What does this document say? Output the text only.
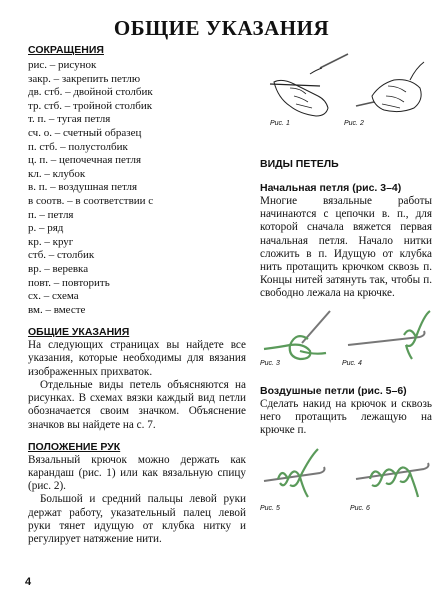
ОБЩИЕ УКАЗАНИЯ

СОКРАЩЕНИЯ

рис. – рисунок
закр. – закрепить петлю
дв. стб. – двойной столбик
тр. стб. – тройной столбик
т. п. – тугая петля
сч. о. – счетный образец
п. стб. – полустолбик
ц. п. – цепочечная петля
кл. – клубок
в. п. – воздушная петля
в соотв. – в соответствии с
п. – петля
р. – ряд
кр. – круг
стб. – столбик
вр. – веревка
повт. – повторить
сх. – схема
вм. – вместе

ОБЩИЕ УКАЗАНИЯ

На следующих страницах вы найдете все указания, которые необходимы для вязания изображенных прихваток.

Отдельные виды петель объясняются на рисунках. В схемах вязки каждый вид петли обозначается своим значком. Объяснение значков вы найдете на с. 7.

ПОЛОЖЕНИЕ РУК

Вязальный крючок можно держать как карандаш (рис. 1) или как вязальную спицу (рис. 2).

Большой и средний пальцы левой руки держат работу, указательный палец левой руки тянет идущую от клубка нитку и регулирует натяжение нити.

Рис. 1	Рис. 2

ВИДЫ ПЕТЕЛЬ

Начальная петля (рис. 3–4)

Многие вязальные работы начинаются с цепочки в. п., для которой сначала вяжется первая начальная петля. Начало нитки сложить в п. Идущую от клубка нить протащить крючком сквозь п. Концы нитей затянуть так, чтобы п. свободно лежала на крючке.

Рис. 3	Рис. 4

Воздушные петли (рис. 5–6)

Сделать накид на крючок и сквозь него протащить лежащую на крючке п.

Рис. 5	Рис. 6
4
